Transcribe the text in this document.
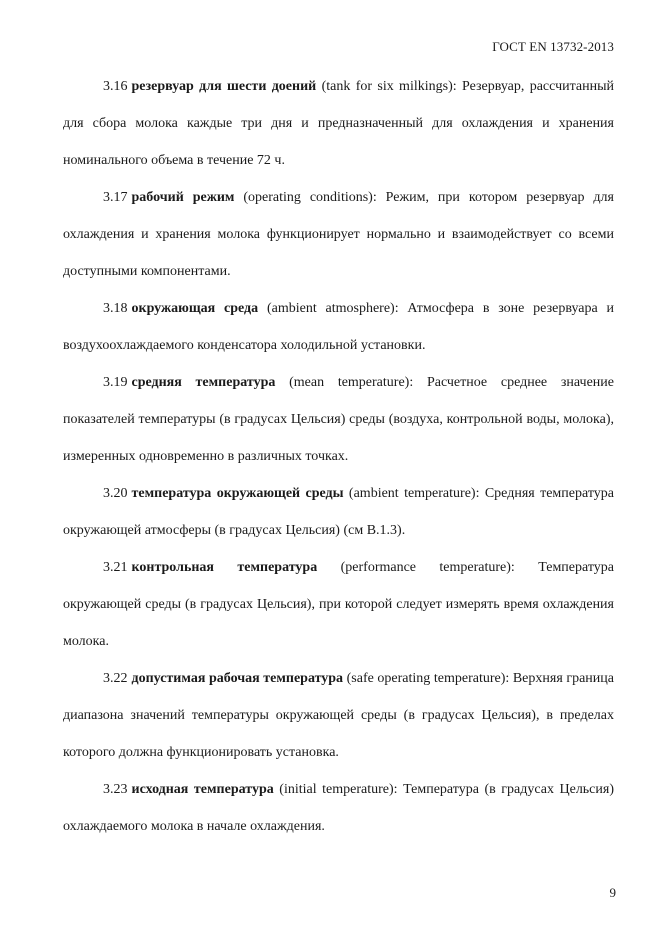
ГОСТ EN 13732-2013

3.16 резервуар для шести доений (tank for six milkings): Резервуар, рассчитанный для сбора молока каждые три дня и предназначенный для охлаждения и хранения номинального объема в течение 72 ч.

3.17 рабочий режим (operating conditions): Режим, при котором резервуар для охлаждения и хранения молока функционирует нормально и взаимодействует со всеми доступными компонентами.

3.18 окружающая среда (ambient atmosphere): Атмосфера в зоне резервуара и воздухоохлаждаемого конденсатора холодильной установки.

3.19 средняя температура (mean temperature): Расчетное среднее значение показателей температуры (в градусах Цельсия) среды (воздуха, контрольной воды, молока), измеренных одновременно в различных точках.

3.20 температура окружающей среды (ambient temperature): Средняя температура окружающей атмосферы (в градусах Цельсия) (см В.1.3).

3.21 контрольная температура (performance temperature): Температура окружающей среды (в градусах Цельсия), при которой следует измерять время охлаждения молока.

3.22 допустимая рабочая температура (safe operating temperature): Верхняя граница диапазона значений температуры окружающей среды (в градусах Цельсия), в пределах которого должна функционировать установка.

3.23 исходная температура (initial temperature): Температура (в градусах Цельсия) охлаждаемого молока в начале охлаждения.

9
